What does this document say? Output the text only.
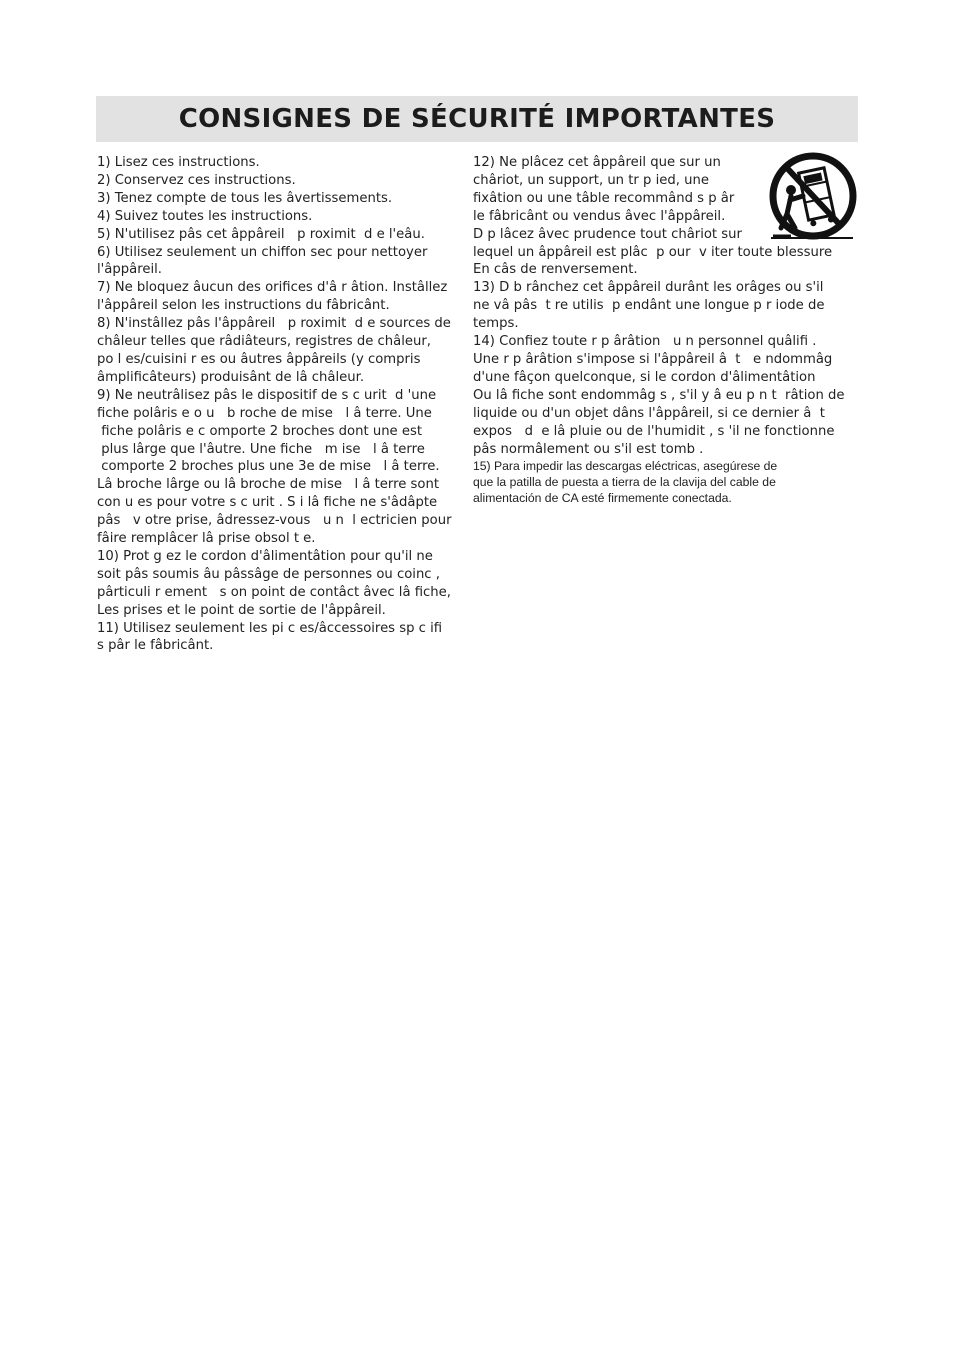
CONSIGNES DE SÉCURITÉ IMPORTANTES
1) Lisez ces instructions.
2) Conservez ces instructions.
3) Tenez compte de tous les âvertissements.
4) Suivez toutes les instructions.
5) N'utilisez pâs cet âppâreil   p roximit  d e l'eâu.
6) Utilisez seulement un chiffon sec pour nettoyer
l'âppâreil.
7) Ne bloquez âucun des orifices d'â r âtion. Instâllez
l'âppâreil selon les instructions du fâbricânt.
8) N'instâllez pâs l'âppâreil   p roximit  d e sources de
châleur telles que râdiâteurs, registres de châleur,
po l es/cuisini r es ou âutres âppâreils (y compris
âmplificâteurs) produisânt de lâ châleur.
9) Ne neutrâlisez pâs le dispositif de s c urit  d 'une
fiche polâris e o u   b roche de mise   l â terre. Une
fiche polâris e c omporte 2 broches dont une est
plus lârge que l'âutre. Une fiche   m ise   l â terre
comporte 2 broches plus une 3e de mise   l â terre.
Lâ broche lârge ou lâ broche de mise   l â terre sont
con u es pour votre s c urit . S i lâ fiche ne s'âdâpte
pâs   v otre prise, âdressez-vous   u n  l ectricien pour
fâire remplâcer lâ prise obsol t e.
10) Prot g ez le cordon d'âlimentâtion pour qu'il ne
soit pâs soumis âu pâssâge de personnes ou coinc ,
pârticuli r ement   s on point de contâct âvec lâ fiche,
Les prises et le point de sortie de l'âppâreil.
11) Utilisez seulement les pi c es/âccessoires sp c ifi
s pâr le fâbricânt.
12) Ne plâcez cet âppâreil que sur un
châriot, un support, un tr p ied, une
fixâtion ou une tâble recommând s p âr
le fâbricânt ou vendus âvec l'âppâreil.
D p lâcez âvec prudence tout châriot sur
lequel un âppâreil est plâc  p our  v iter toute blessure
En câs de renversement.
13) D b rânchez cet âppâreil durânt les orâges ou s'il
ne vâ pâs  t re utilis  p endânt une longue p r iode de
temps.
14) Confiez toute r p ârâtion   u n personnel quâlifi .
Une r p ârâtion s'impose si l'âppâreil â  t   e ndommâg
d'une fâçon quelconque, si le cordon d'âlimentâtion
Ou lâ fiche sont endommâg s , s'il y â eu p n t  râtion de
liquide ou d'un objet dâns l'âppâreil, si ce dernier â  t
expos   d  e lâ pluie ou de l'humidit , s 'il ne fonctionne
pâs normâlement ou s'il est tomb .
15) Para impedir las descargas eléctricas, asegúrese de
que la patilla de puesta a tierra de la clavija del cable de
alimentación de CA esté firmemente conectada.
